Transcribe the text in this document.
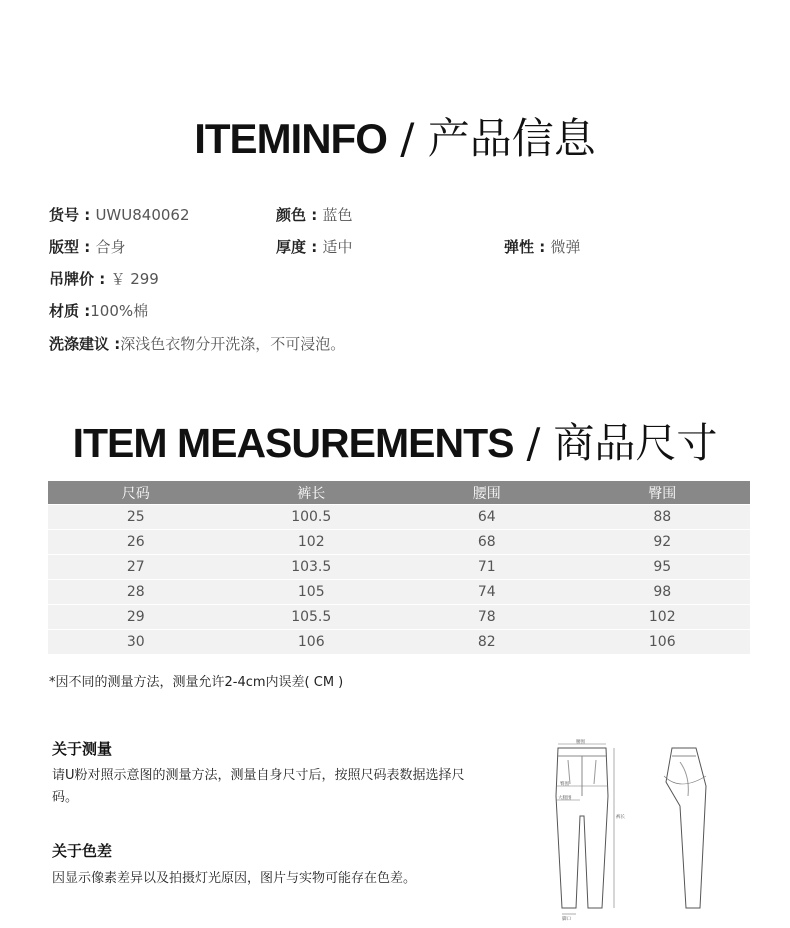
ITEMINFO / 产品信息
货号 : UWU840062	颜色 : 蓝色
版型 : 合身	厚度 : 适中	弹性 : 微弹
吊牌价 : ￥ 299
材质 :100%棉
洗涤建议 :深浅色衣物分开洗涤，不可浸泡。
ITEM MEASUREMENTS / 商品尺寸
尺码	裤长	腰围	臀围
25	100.5	64	88
26	102	68	92
27	103.5	71	95
28	105	74	98
29	105.5	78	102
30	106	82	106
*因不同的测量方法，测量允许2-4cm内误差( CM )
关于测量
请U粉对照示意图的测量方法，测量自身尺寸后，按照尺码表数据选择尺码。
关于色差
因显示像素差异以及拍摄灯光原因，图片与实物可能存在色差。
腰围
臀围
大腿围
裤长
脚口
